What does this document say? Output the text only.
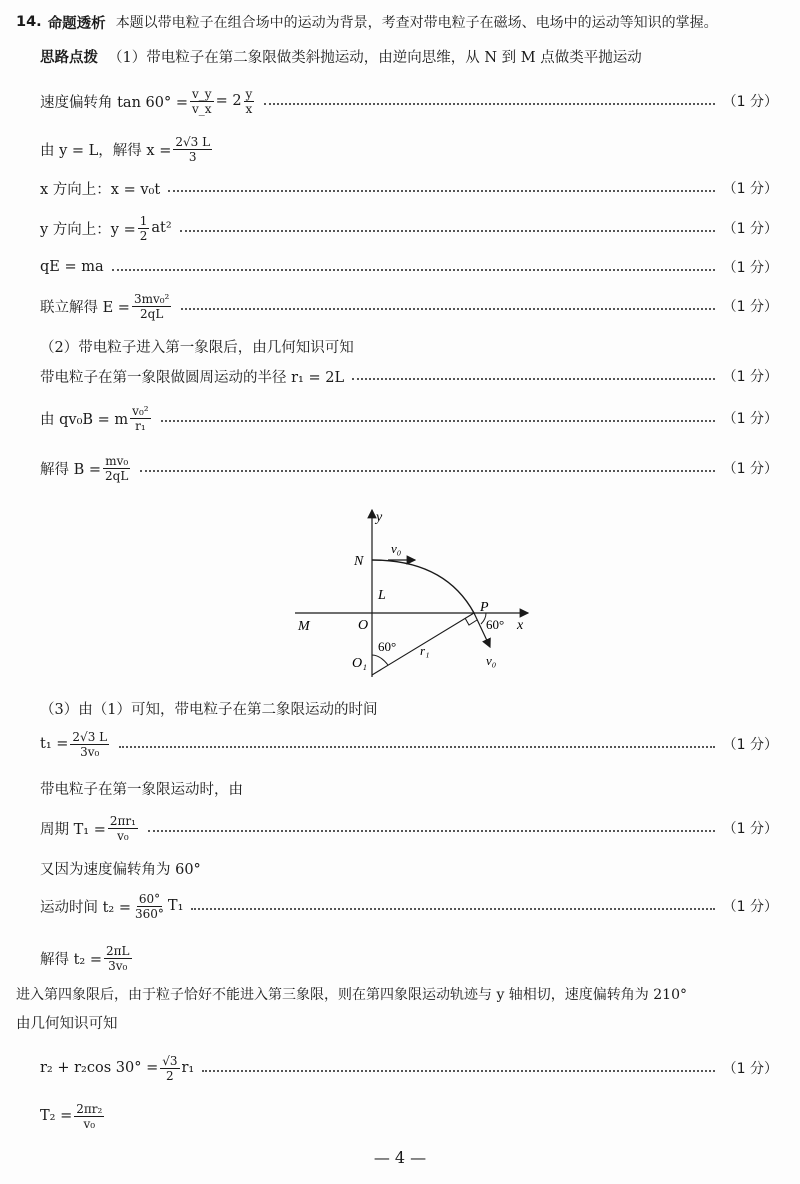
14. 命题透析 本题以带电粒子在组合场中的运动为背景，考查对带电粒子在磁场、电场中的运动等知识的掌握。
思路点拨 （1）带电粒子在第二象限做类斜抛运动，由逆向思维，从 N 到 M 点做类平抛运动
速度偏转角 $\tan 60^\circ = \frac{v\_y}{v\_x} = 2$ y
x	（1 分）
由 y = L，解得 $x = \frac{2√3 L}{3}$
x 方向上：x = v₀t	（1 分）
y 方向上：$y = \frac{1}{2} at^2$	（1 分）
qE = ma	（1 分）
联立解得 $E = \frac{\text{3mv₀²}}{2qL}$	（1 分）
（2）带电粒子进入第一象限后，由几何知识可知
带电粒子在第一象限做圆周运动的半径 r₁ = 2L	（1 分）
由 qv₀B = m
v₀²
r₁	（1 分）
解得 $B = \frac{\text{mv₀}}{2qL}$	（1 分）
y
x
N
M	O
O₁
P
L
v₀
v₀
60°
60° r₁
（3）由（1）可知，带电粒子在第二象限运动的时间
$t_1 = \frac{2√3 L}{\text{3v₀}}$	（1 分）
带电粒子在第一象限运动时，由
周期 $T_1 = \frac{\text{2πr₁}}{\text{v₀}}$	（1 分）
又因为速度偏转角为 60°
运动时间 $t_2 = \frac{60^\circ}{360^\circ} T_1$	（1 分）
解得 $t_2 = \frac{2\pi L}{\text{3v₀}}$
进入第四象限后，由于粒子恰好不能进入第三象限，则在第四象限运动轨迹与 y 轴相切，速度偏转角为 210°
由几何知识可知
r₂ + r₂cos $30^\circ = \frac{√3}{2} r_1$	（1 分）
$T_2 = \frac{\text{2πr₂}}{\text{v₀}}$
— 4 —
